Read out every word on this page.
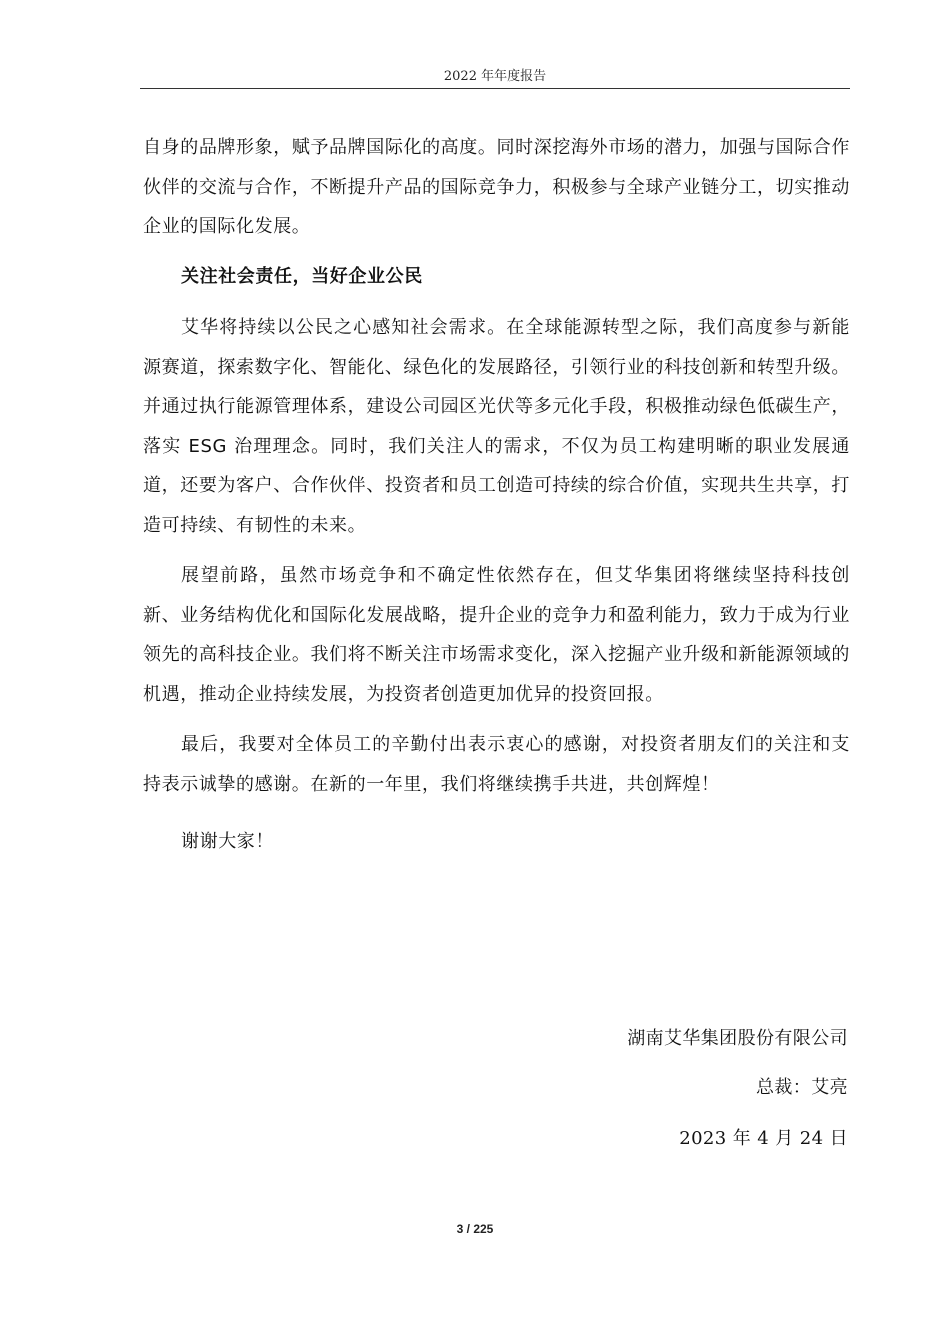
2022 年年度报告

自身的品牌形象，赋予品牌国际化的高度。同时深挖海外市场的潜力，加强与国际合作伙伴的交流与合作，不断提升产品的国际竞争力，积极参与全球产业链分工，切实推动企业的国际化发展。

关注社会责任，当好企业公民

艾华将持续以公民之心感知社会需求。在全球能源转型之际，我们高度参与新能源赛道，探索数字化、智能化、绿色化的发展路径，引领行业的科技创新和转型升级。并通过执行能源管理体系，建设公司园区光伏等多元化手段，积极推动绿色低碳生产，落实 ESG 治理理念。同时，我们关注人的需求，不仅为员工构建明晰的职业发展通道，还要为客户、合作伙伴、投资者和员工创造可持续的综合价值，实现共生共享，打造可持续、有韧性的未来。

展望前路，虽然市场竞争和不确定性依然存在，但艾华集团将继续坚持科技创新、业务结构优化和国际化发展战略，提升企业的竞争力和盈利能力，致力于成为行业领先的高科技企业。我们将不断关注市场需求变化，深入挖掘产业升级和新能源领域的机遇，推动企业持续发展，为投资者创造更加优异的投资回报。

最后，我要对全体员工的辛勤付出表示衷心的感谢，对投资者朋友们的关注和支持表示诚挚的感谢。在新的一年里，我们将继续携手共进，共创辉煌！

谢谢大家！
湖南艾华集团股份有限公司
总裁：艾亮
2023 年 4 月 24 日
3 / 225
